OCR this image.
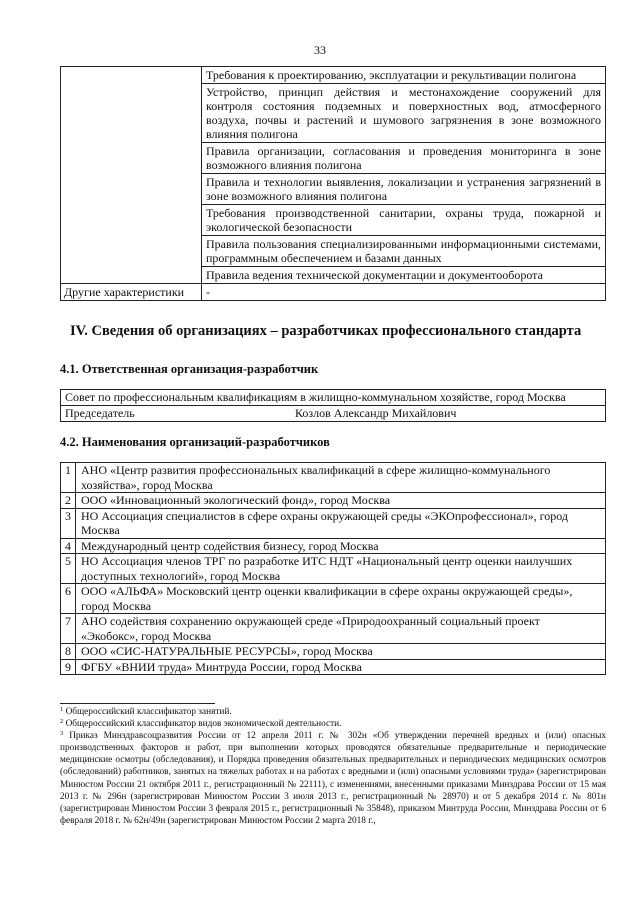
33
	Требования к проектированию, эксплуатации и рекультивации полигона
	Устройство, принцип действия и местонахождение сооружений для контроля состояния подземных и поверхностных вод, атмосферного воздуха, почвы и растений и шумового загрязнения в зоне возможного влияния полигона
	Правила организации, согласования и проведения мониторинга в зоне возможного влияния полигона
	Правила и технологии выявления, локализации и устранения загрязнений в зоне возможного влияния полигона
	Требования производственной санитарии, охраны труда, пожарной и экологической безопасности
	Правила пользования специализированными информационными системами, программным обеспечением и базами данных
	Правила ведения технической документации и документооборота
Другие характеристики	-
IV. Сведения об организациях – разработчиках профессионального стандарта
4.1. Ответственная организация-разработчик
Совет по профессиональным квалификациям в жилищно-коммунальном хозяйстве, город Москва
Председатель	Козлов Александр Михайлович
4.2. Наименования организаций-разработчиков
1	АНО «Центр развития профессиональных квалификаций в сфере жилищно-коммунального хозяйства», город Москва
2	ООО «Инновационный экологический фонд», город Москва
3	НО Ассоциация специалистов в сфере охраны окружающей среды «ЭКОпрофессионал», город Москва
4	Международный центр содействия бизнесу, город Москва
5	НО Ассоциация членов ТРГ по разработке ИТС НДТ «Национальный центр оценки наилучших доступных технологий», город Москва
6	ООО «АЛЬФА» Московский центр оценки квалификации в сфере охраны окружающей среды», город Москва
7	АНО содействия сохранению окружающей среде «Природоохранный социальный проект «Экобокс», город Москва
8	ООО «СИС-НАТУРАЛЬНЫЕ РЕСУРСЫ», город Москва
9	ФГБУ «ВНИИ труда» Минтруда России, город Москва

$^1$ Общероссийский классификатор занятий.

$^2$ Общероссийский классификатор видов экономической деятельности.

$^3$ Приказ Минздравсоцразвития России от 12 апреля 2011 г. № 302н «Об утверждении перечней вредных и (или) опасных производственных факторов и работ, при выполнении которых проводятся обязательные предварительные и периодические медицинские осмотры (обследования), и Порядка проведения обязательных предварительных и периодических медицинских осмотров (обследований) работников, занятых на тяжелых работах и на работах с вредными и (или) опасными условиями труда» (зарегистрирован Минюстом России 21 октября 2011 г., регистрационный № 22111), с изменениями, внесенными приказами Минздрава России от 15 мая 2013 г. № 296н (зарегистрирован Минюстом России 3 июля 2013 г., регистрационный № 28970) и от 5 декабря 2014 г. № 801н (зарегистрирован Минюстом России 3 февраля 2015 г., регистрационный № 35848), приказом Минтруда России, Минздрава России от 6 февраля 2018 г. № 62н/49н (зарегистрирован Минюстом России 2 марта 2018 г.,
